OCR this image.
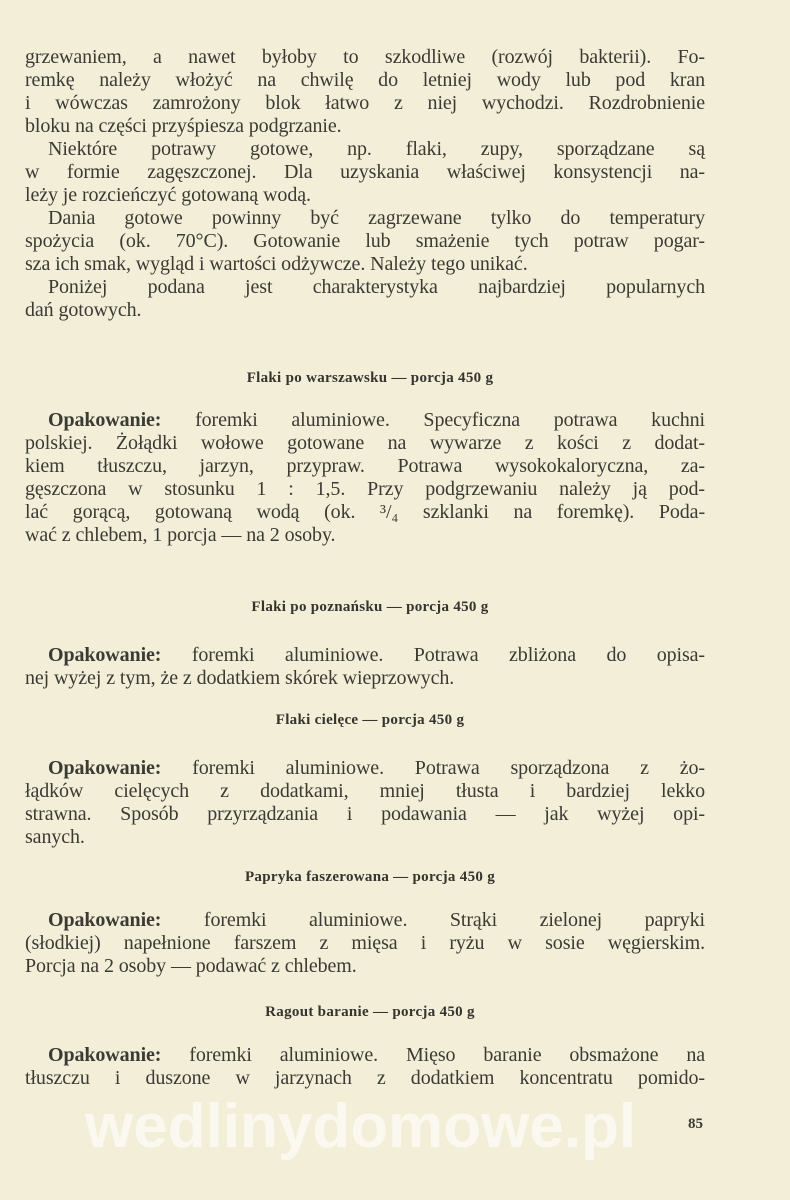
grzewaniem, a nawet byłoby to szkodliwe (rozwój bakterii). Fo-
remkę należy włożyć na chwilę do letniej wody lub pod kran
i wówczas zamrożony blok łatwo z niej wychodzi. Rozdrobnienie
bloku na części przyśpiesza podgrzanie.
Niektóre potrawy gotowe, np. flaki, zupy, sporządzane są
w formie zagęszczonej. Dla uzyskania właściwej konsystencji na-
leży je rozcieńczyć gotowaną wodą.
Dania gotowe powinny być zagrzewane tylko do temperatury
spożycia (ok. 70°C). Gotowanie lub smażenie tych potraw pogar-
sza ich smak, wygląd i wartości odżywcze. Należy tego unikać.
Poniżej podana jest charakterystyka najbardziej popularnych
dań gotowych.
Flaki po warszawsku — porcja 450 g
Opakowanie: foremki aluminiowe. Specyficzna potrawa kuchni
polskiej. Żołądki wołowe gotowane na wywarze z kości z dodat-
kiem tłuszczu, jarzyn, przypraw. Potrawa wysokokaloryczna, za-
gęszczona w stosunku 1 : 1,5. Przy podgrzewaniu należy ją pod-
lać gorącą, gotowaną wodą (ok. ³/₄ szklanki na foremkę). Poda-
wać z chlebem, 1 porcja — na 2 osoby.
Flaki po poznańsku — porcja 450 g
Opakowanie: foremki aluminiowe. Potrawa zbliżona do opisa-
nej wyżej z tym, że z dodatkiem skórek wieprzowych.
Flaki cielęce — porcja 450 g
Opakowanie: foremki aluminiowe. Potrawa sporządzona z żo-
łądków cielęcych z dodatkami, mniej tłusta i bardziej lekko
strawna. Sposób przyrządzania i podawania — jak wyżej opi-
sanych.
Papryka faszerowana — porcja 450 g
Opakowanie: foremki aluminiowe. Strąki zielonej papryki
(słodkiej) napełnione farszem z mięsa i ryżu w sosie węgierskim.
Porcja na 2 osoby — podawać z chlebem.
Ragout baranie — porcja 450 g
Opakowanie: foremki aluminiowe. Mięso baranie obsmażone na
tłuszczu i duszone w jarzynach z dodatkiem koncentratu pomido-
wedlinydomowe.pl	85
